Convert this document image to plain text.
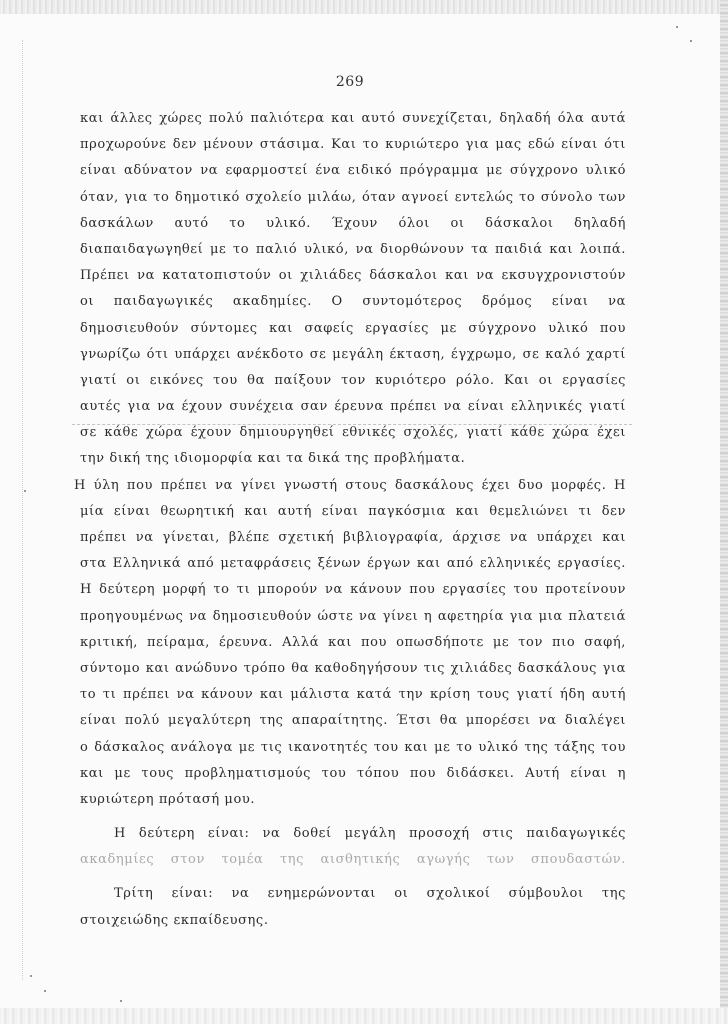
269
και άλλες χώρες πολύ παλιότερα και αυτό συνεχίζεται, δηλαδή όλα αυτά
προχωρούνε δεν μένουν στάσιμα. Και το κυριώτερο για μας εδώ είναι ότι
είναι αδύνατον να εφαρμοστεί ένα ειδικό πρόγραμμα με σύγχρονο υλικό
όταν, για το δημοτικό σχολείο μιλάω, όταν αγνοεί εντελώς το σύνολο των
δασκάλων αυτό το υλικό. Έχουν όλοι οι δάσκαλοι δηλαδή
διαπαιδαγωγηθεί με το παλιό υλικό, να διορθώνουν τα παιδιά και λοιπά.
Πρέπει να κατατοπιστούν οι χιλιάδες δάσκαλοι και να εκσυγχρονιστούν
οι παιδαγωγικές ακαδημίες. Ο συντομότερος δρόμος είναι να
δημοσιευθούν σύντομες και σαφείς εργασίες με σύγχρονο υλικό που
γνωρίζω ότι υπάρχει ανέκδοτο σε μεγάλη έκταση, έγχρωμο, σε καλό χαρτί
γιατί οι εικόνες του θα παίξουν τον κυριότερο ρόλο. Και οι εργασίες
αυτές για να έχουν συνέχεια σαν έρευνα πρέπει να είναι ελληνικές γιατί
σε κάθε χώρα έχουν δημιουργηθεί εθνικές σχολές, γιατί κάθε χώρα έχει
την δική της ιδιομορφία και τα δικά της προβλήματα.
Η ύλη που πρέπει να γίνει γνωστή στους δασκάλους έχει δυο μορφές. Η
μία είναι θεωρητική και αυτή είναι παγκόσμια και θεμελιώνει τι δεν
πρέπει να γίνεται, βλέπε σχετική βιβλιογραφία, άρχισε να υπάρχει και
στα Ελληνικά από μεταφράσεις ξένων έργων και από ελληνικές εργασίες.
Η δεύτερη μορφή το τι μπορούν να κάνουν που εργασίες του προτείνουν
προηγουμένως να δημοσιευθούν ώστε να γίνει η αφετηρία για μια πλατειά
κριτική, πείραμα, έρευνα. Αλλά και που οπωσδήποτε με τον πιο σαφή,
σύντομο και ανώδυνο τρόπο θα καθοδηγήσουν τις χιλιάδες δασκάλους για
το τι πρέπει να κάνουν και μάλιστα κατά την κρίση τους γιατί ήδη αυτή
είναι πολύ μεγαλύτερη της απαραίτητης. Έτσι θα μπορέσει να διαλέγει
ο δάσκαλος ανάλογα με τις ικανοτητές του και με το υλικό της τάξης του
και με τους προβληματισμούς του τόπου που διδάσκει. Αυτή είναι η
κυριώτερη πρότασή μου.
Η δεύτερη είναι: να δοθεί μεγάλη προσοχή στις παιδαγωγικές
ακαδημίες στον τομέα της αισθητικής αγωγής των σπουδαστών.
Τρίτη είναι: να ενημερώνονται οι σχολικοί σύμβουλοι της
στοιχειώδης εκπαίδευσης.
